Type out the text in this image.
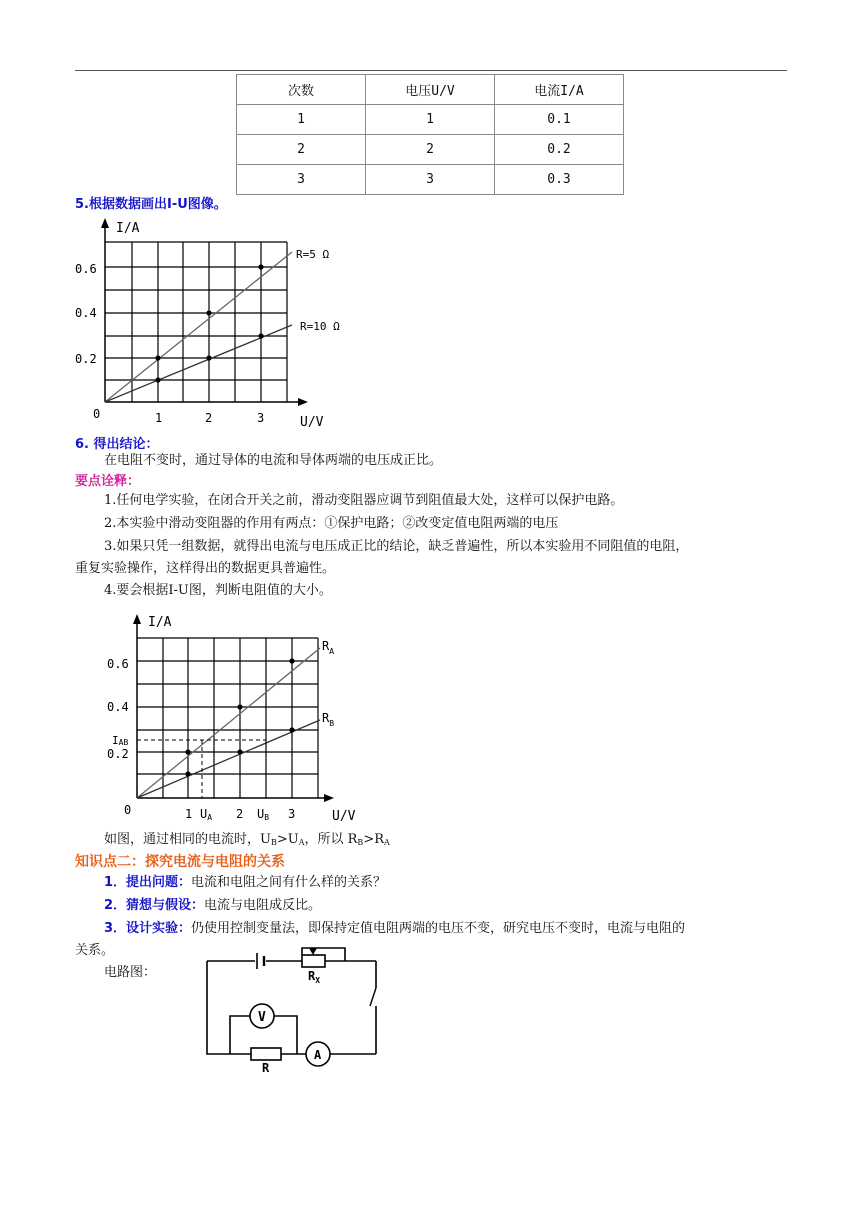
次数	电压U/V	电流I/A
1	1	0.1
2	2	0.2
3	3	0.3
5.根据数据画出I-U图像。
I/A
U/V
0
0.6
0.4
0.2
1	2	3
R=5 Ω
R=10 Ω
6. 得出结论：
在电阻不变时，通过导体的电流和导体两端的电压成正比。
要点诠释：
1.任何电学实验，在闭合开关之前，滑动变阻器应调节到阻值最大处，这样可以保护电路。
2.本实验中滑动变阻器的作用有两点：①保护电路；②改变定值电阻两端的电压
3.如果只凭一组数据，就得出电流与电压成正比的结论，缺乏普遍性，所以本实验用不同阻值的电阻，
重复实验操作，这样得出的数据更具普遍性。
4.要会根据I-U图，判断电阻值的大小。
I/A
U/V
0
0.6
0.4
0.2
IAB
1	2	3
UA	UB
$R_A$
$R_B$
如图，通过相同的电流时，$U_B>U_A$，所以 $R_B>R_A$
知识点二：探究电流与电阻的关系
1．提出问题：电流和电阻之间有什么样的关系？
2．猜想与假设：电流与电阻成反比。
3．设计实验：仍使用控制变量法，即保持定值电阻两端的电压不变，研究电压不变时，电流与电阻的
关系。
电路图：	$R_X$
V
R
A
